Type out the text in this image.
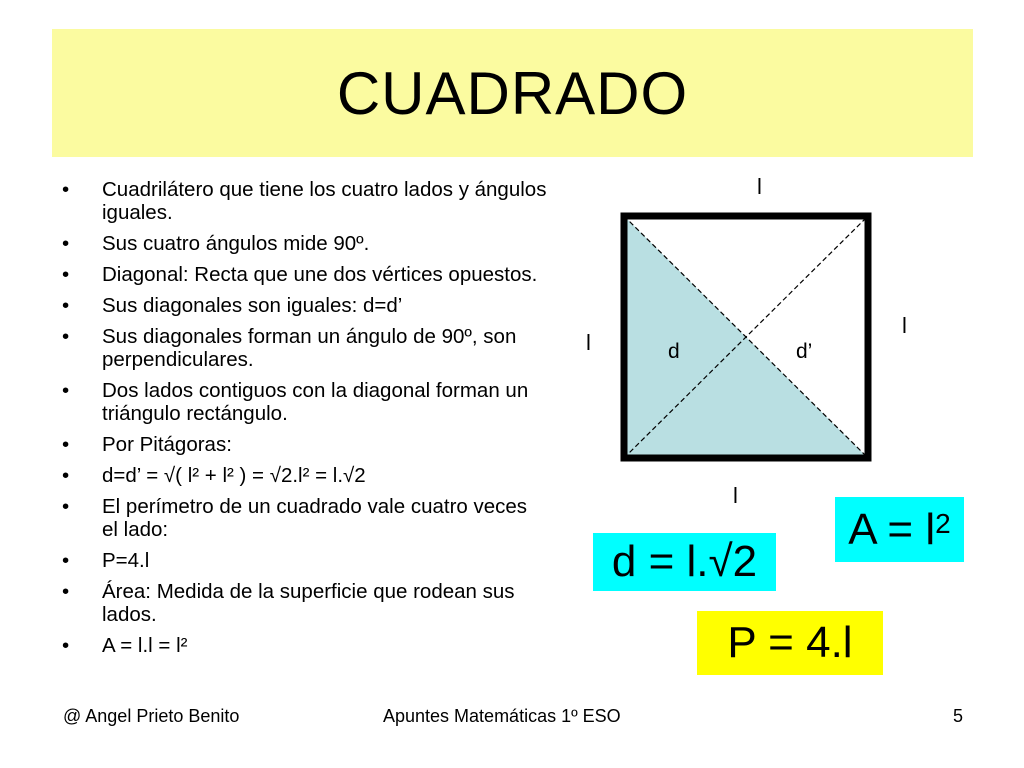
CUADRADO
• Cuadrilátero que tiene los cuatro lados y ángulos iguales.
• Sus cuatro ángulos mide 90º.
• Diagonal: Recta que une dos vértices opuestos.
• Sus diagonales son iguales: d=d’
• Sus diagonales forman un ángulo de 90º, son perpendiculares.
• Dos lados contiguos con la diagonal forman un triángulo rectángulo.
• Por Pitágoras:
• d=d’ = √( l² + l² ) = √2.l² = l.√2
• El perímetro de un cuadrado vale cuatro veces el lado:
• P=4.l
• Área: Medida de la superficie que rodean sus lados.
• A = l.l = l²
l
l
l
l
d	d’
$A = l^2$
d = l.√2
P = 4.l
@ Angel Prieto Benito	Apuntes Matemáticas 1º ESO	5
